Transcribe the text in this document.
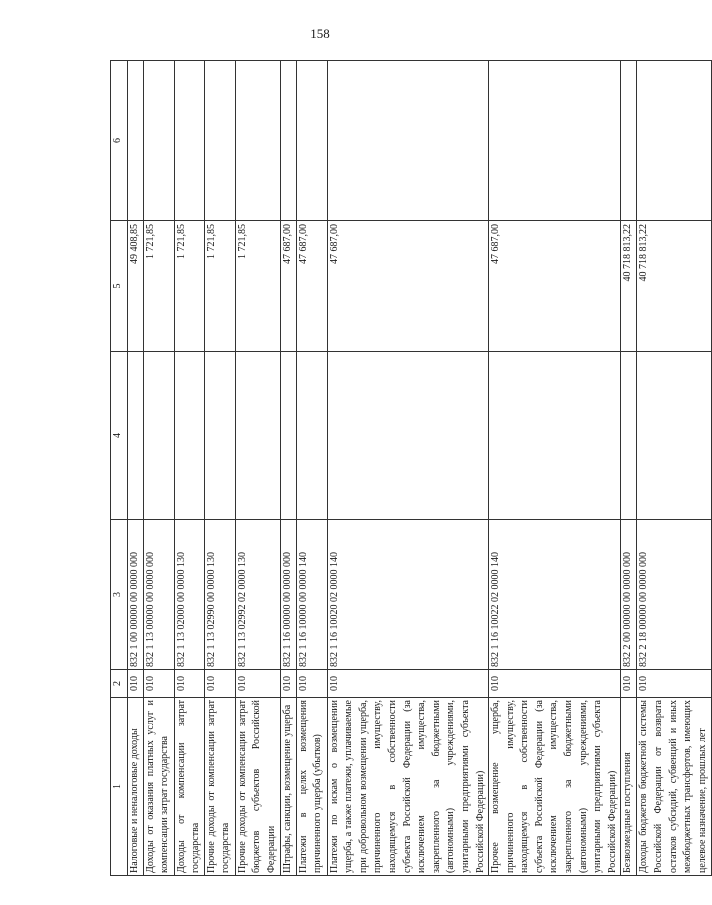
158
1	2	3	4	5	6
Налоговые и неналоговые доходы	010	832 1 00 00000 00 0000 000		49 408,85	
Доходы от оказания платных услуг и компенсации затрат государства	010	832 1 13 00000 00 0000 000		1 721,85	
Доходы от компенсации затрат государства	010	832 1 13 02000 00 0000 130		1 721,85	
Прочие доходы от компенсации затрат государства	010	832 1 13 02990 00 0000 130		1 721,85	
Прочие доходы от компенсации затрат бюджетов субъектов Российской Федерации	010	832 1 13 02992 02 0000 130		1 721,85	
Штрафы, санкции, возмещение ущерба	010	832 1 16 00000 00 0000 000		47 687,00	
Платежи в целях возмещения причиненного ущерба (убытков)	010	832 1 16 10000 00 0000 140		47 687,00	
Платежи по искам о возмещении ущерба, а также платежи, уплачиваемые при добровольном возмещении ущерба, причиненного имуществу, находящемуся в собственности субъекта Российской Федерации (за исключением имущества, закрепленного за бюджетными (автономными) учреждениями, унитарными предприятиями субъекта Российской Федерации)	010	832 1 16 10020 02 0000 140		47 687,00	
Прочее возмещение ущерба, причиненного имуществу, находящемуся в собственности субъекта Российской Федерации (за исключением имущества, закрепленного за бюджетными (автономными) учреждениями, унитарными предприятиями субъекта Российской Федерации)	010	832 1 16 10022 02 0000 140		47 687,00	
Безвозмездные поступления	010	832 2 00 00000 00 0000 000		40 718 813,22	
Доходы бюджетов бюджетной системы Российской Федерации от возврата остатков субсидий, субвенций и иных межбюджетных трансфертов, имеющих целевое назначение, прошлых лет	010	832 2 18 00000 00 0000 000		40 718 813,22	
